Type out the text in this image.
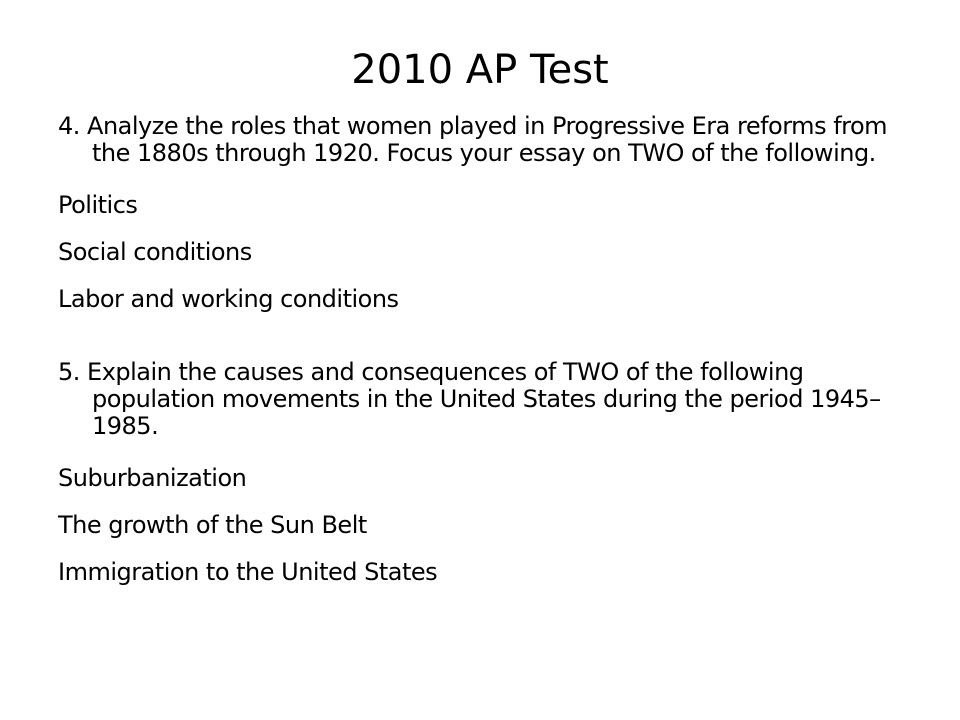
2010 AP Test

4. Analyze the roles that women played in Progressive Era reforms from the 1880s through 1920. Focus your essay on TWO of the following.

Politics

Social conditions

Labor and working conditions

5. Explain the causes and consequences of TWO of the following population movements in the United States during the period 1945–1985.

Suburbanization

The growth of the Sun Belt

Immigration to the United States
